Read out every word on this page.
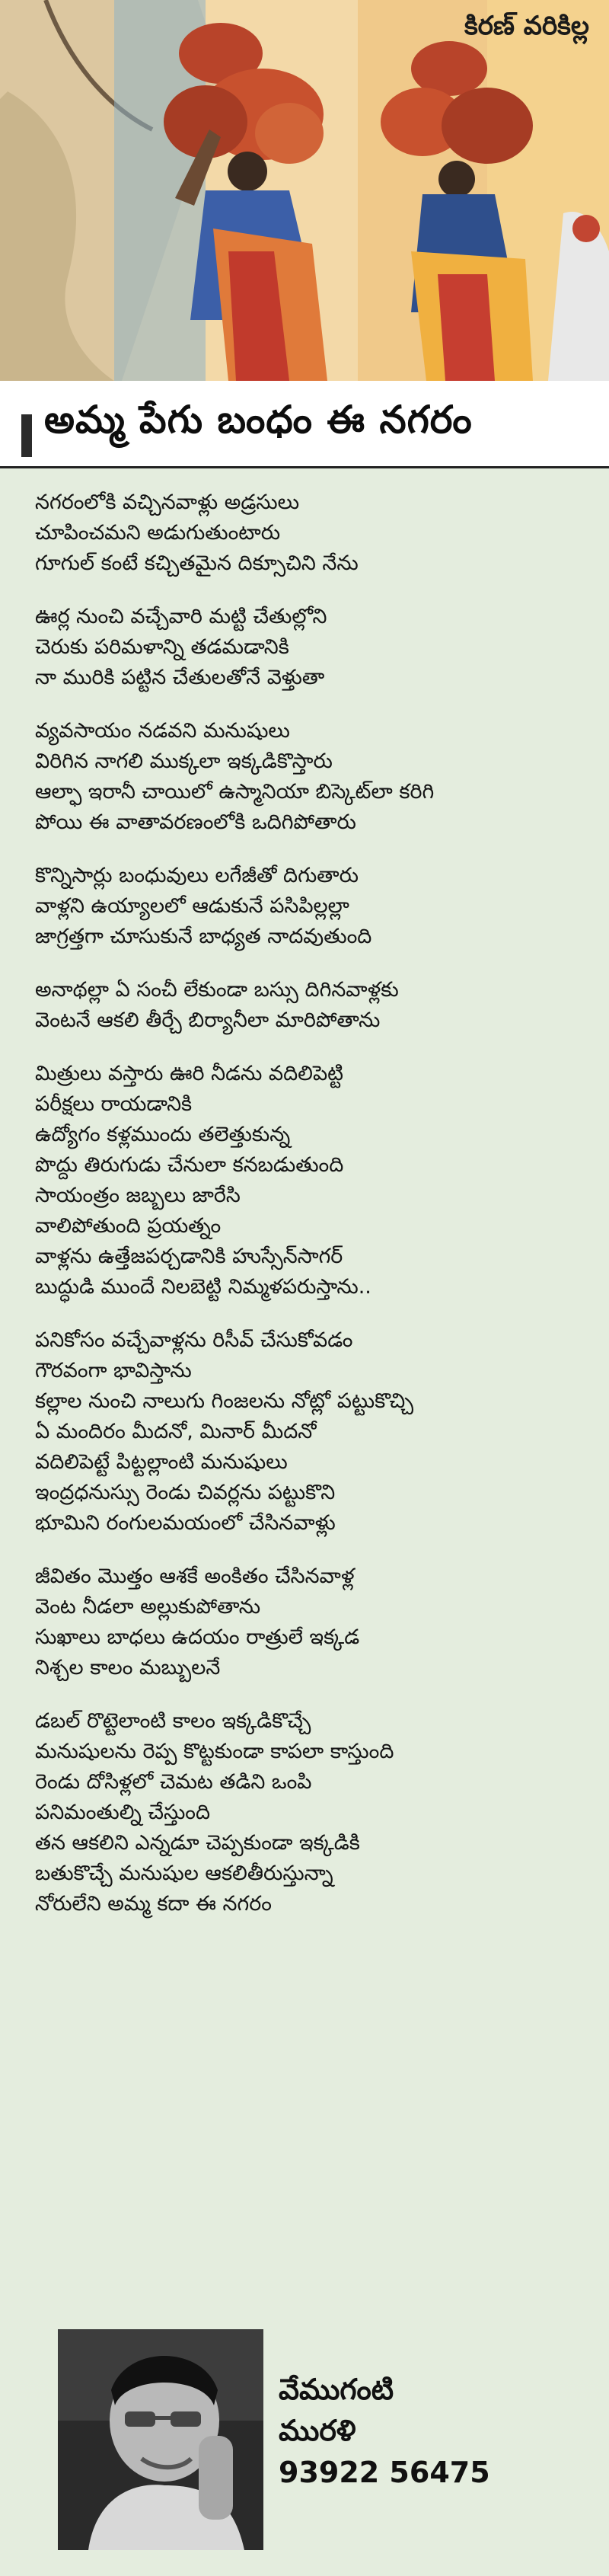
కిరణ్ వరికిల్ల
అమ్మ పేగు బంధం ఈ నగరం
నగరంలోకి వచ్చినవాళ్లు అడ్రసులు
చూపించమని అడుగుతుంటారు
గూగుల్ కంటే కచ్చితమైన దిక్సూచిని నేను
ఊర్ల నుంచి వచ్చేవారి మట్టి చేతుల్లోని
చెరుకు పరిమళాన్ని తడమడానికి
నా మురికి పట్టిన చేతులతోనే వెళ్తుతా
వ్యవసాయం నడవని మనుషులు
విరిగిన నాగలి ముక్కలా ఇక్కడికొస్తారు
ఆల్ఫా ఇరానీ చాయిలో ఉస్మానియా బిస్కెట్‌లా కరిగి
పోయి ఈ వాతావరణంలోకి ఒదిగిపోతారు
కొన్నిసార్లు బంధువులు లగేజీతో దిగుతారు
వాళ్లని ఉయ్యాలలో ఆడుకునే పసిపిల్లల్లా
జాగ్రత్తగా చూసుకునే బాధ్యత నాదవుతుంది
అనాథల్లా ఏ సంచీ లేకుండా బస్సు దిగినవాళ్లకు
వెంటనే ఆకలి తీర్చే బిర్యానీలా మారిపోతాను
మిత్రులు వస్తారు ఊరి నీడను వదిలిపెట్టి
పరీక్షలు రాయడానికి
ఉద్యోగం కళ్లముందు తలెత్తుకున్న
పొద్దు తిరుగుడు చేనులా కనబడుతుంది
సాయంత్రం జబ్బలు జారేసి
వాలిపోతుంది ప్రయత్నం
వాళ్లను ఉత్తేజపర్చడానికి హుస్సేన్‌సాగర్
బుద్ధుడి ముందే నిలబెట్టి నిమ్మళపరుస్తాను..
పనికోసం వచ్చేవాళ్లను రిసీవ్ చేసుకోవడం
గౌరవంగా భావిస్తాను
కల్లాల నుంచి నాలుగు గింజలను నోట్లో పట్టుకొచ్చి
ఏ మందిరం మీదనో, మినార్ మీదనో
వదిలిపెట్టే పిట్టల్లాంటి మనుషులు
ఇంద్రధనుస్సు రెండు చివర్లను పట్టుకొని
భూమిని రంగులమయంలో చేసినవాళ్లు
జీవితం మొత్తం ఆశకే అంకితం చేసినవాళ్ల
వెంట నీడలా అల్లుకుపోతాను
సుఖాలు బాధలు ఉదయం రాత్రులే ఇక్కడ
నిశ్చల కాలం మబ్బులనే
డబల్ రొట్టెలాంటి కాలం ఇక్కడికొచ్చే
మనుషులను రెప్ప కొట్టకుండా కాపలా కాస్తుంది
రెండు దోసిళ్లలో చెమట తడిని ఒంపి
పనిమంతుల్ని చేస్తుంది
తన ఆకలిని ఎన్నడూ చెప్పకుండా ఇక్కడికి
బతుకొచ్చే మనుషుల ఆకలితీరుస్తున్నా
నోరులేని అమ్మ కదా ఈ నగరం
వేముగంటి
మురళి
93922 56475
